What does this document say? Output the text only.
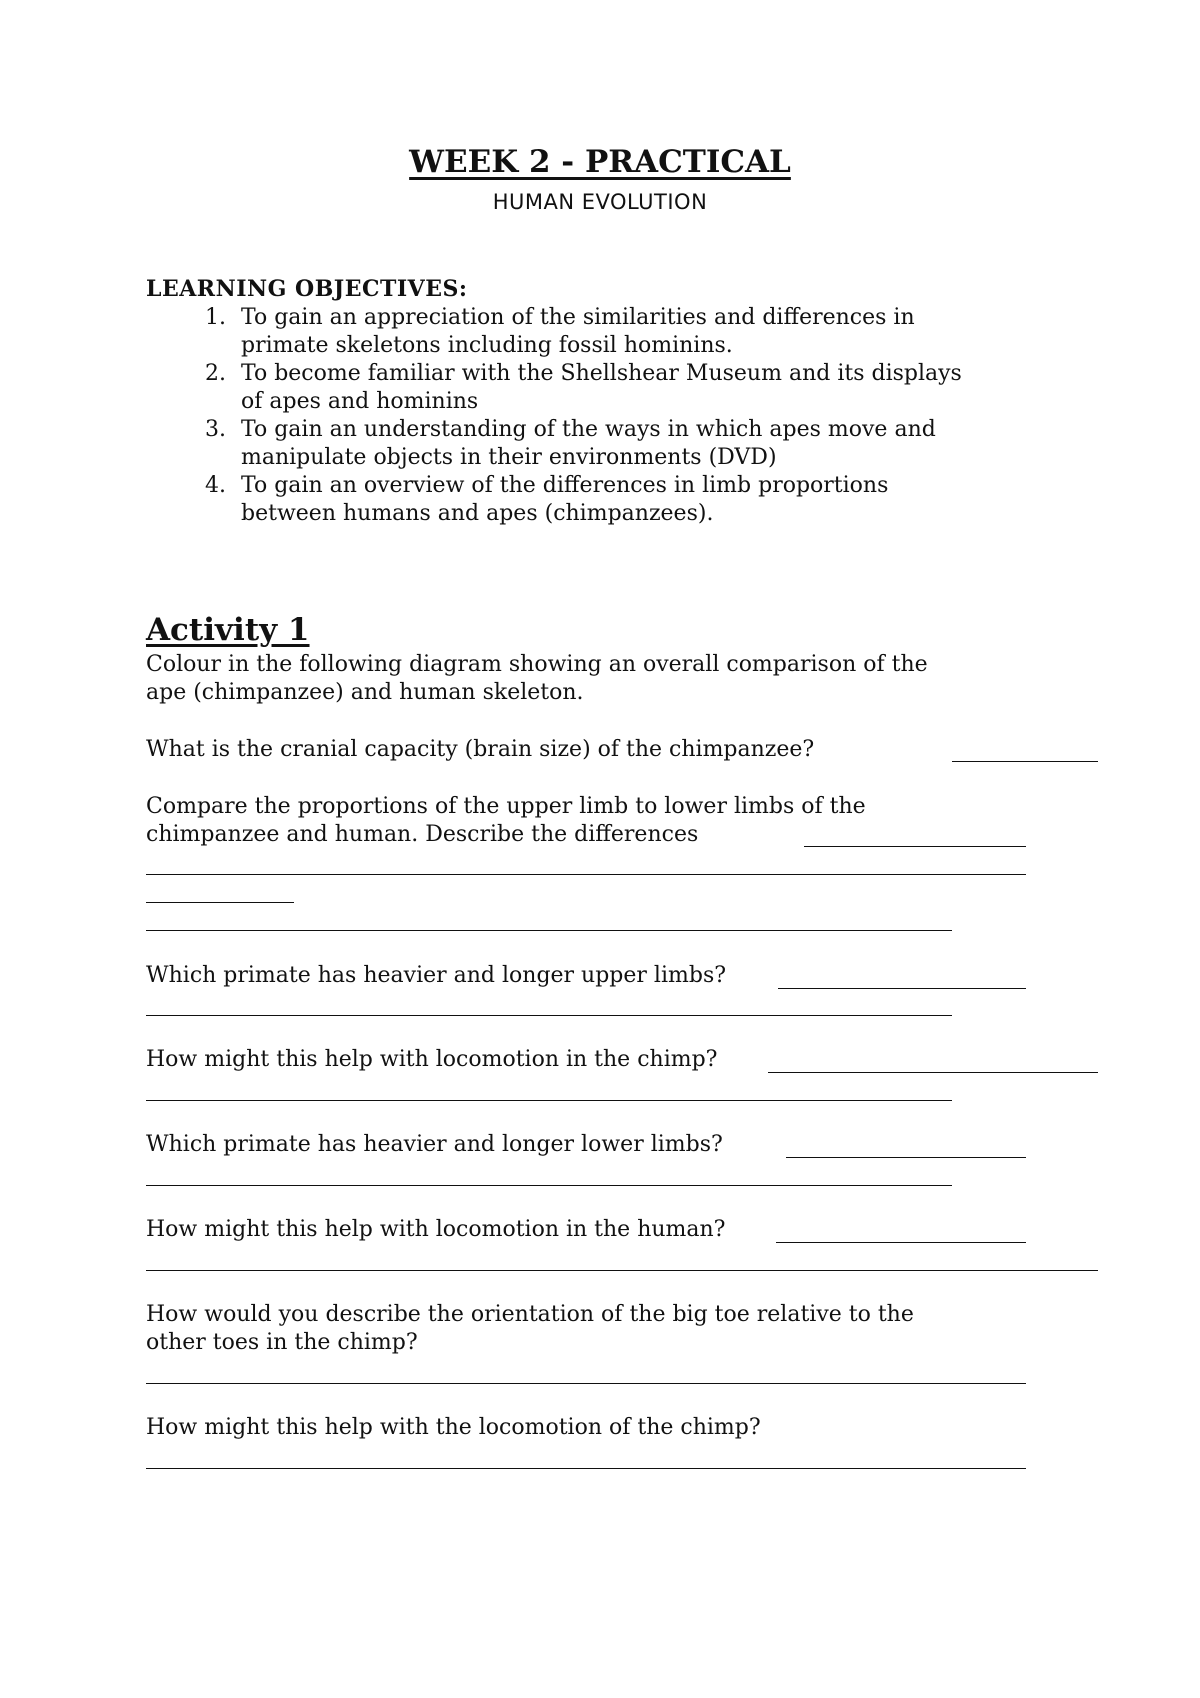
WEEK 2 - PRACTICAL
HUMAN EVOLUTION
LEARNING OBJECTIVES:
1. To gain an appreciation of the similarities and differences in
primate skeletons including fossil hominins.
2. To become familiar with the Shellshear Museum and its displays
of apes and hominins
3. To gain an understanding of the ways in which apes move and
manipulate objects in their environments (DVD)
4. To gain an overview of the differences in limb proportions
between humans and apes (chimpanzees).
Activity 1
Colour in the following diagram showing an overall comparison of the
ape (chimpanzee) and human skeleton.
What is the cranial capacity (brain size) of the chimpanzee?
Compare the proportions of the upper limb to lower limbs of the
chimpanzee and human. Describe the differences
Which primate has heavier and longer upper limbs?
How might this help with locomotion in the chimp?
Which primate has heavier and longer lower limbs?
How might this help with locomotion in the human?
How would you describe the orientation of the big toe relative to the
other toes in the chimp?
How might this help with the locomotion of the chimp?
